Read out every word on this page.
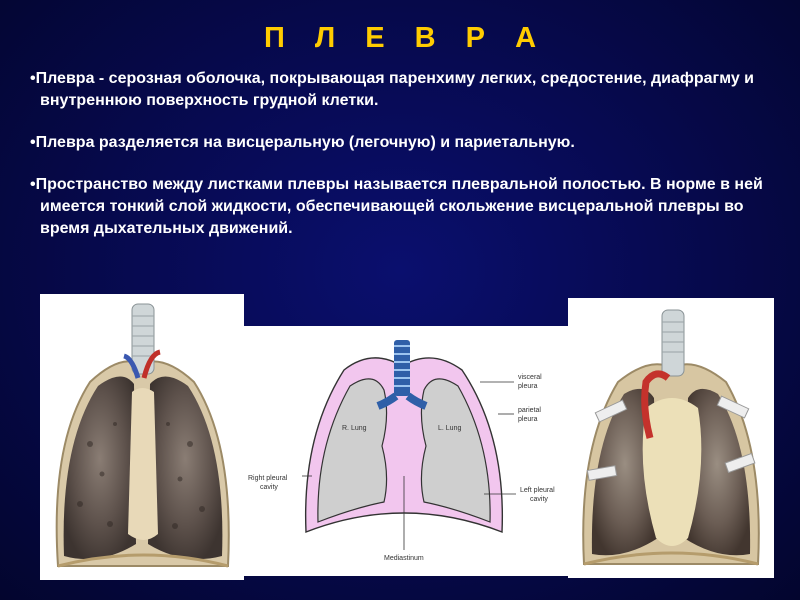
П Л Е В Р А
•Плевра - серозная оболочка, покрывающая паренхиму легких, средостение, диафрагму и внутреннюю поверхность грудной клетки.
•Плевра разделяется на висцеральную (легочную) и париетальную.
•Пространство между листками плевры называется плевральной полостью. В норме в ней имеется тонкий слой жидкости, обеспечивающей скольжение висцеральной плевры во время дыхательных движений.
R. Lung	L. Lung
visceral
pleura
parietal
pleura
Right pleural
cavity	Left pleural
cavity
Mediastinum
